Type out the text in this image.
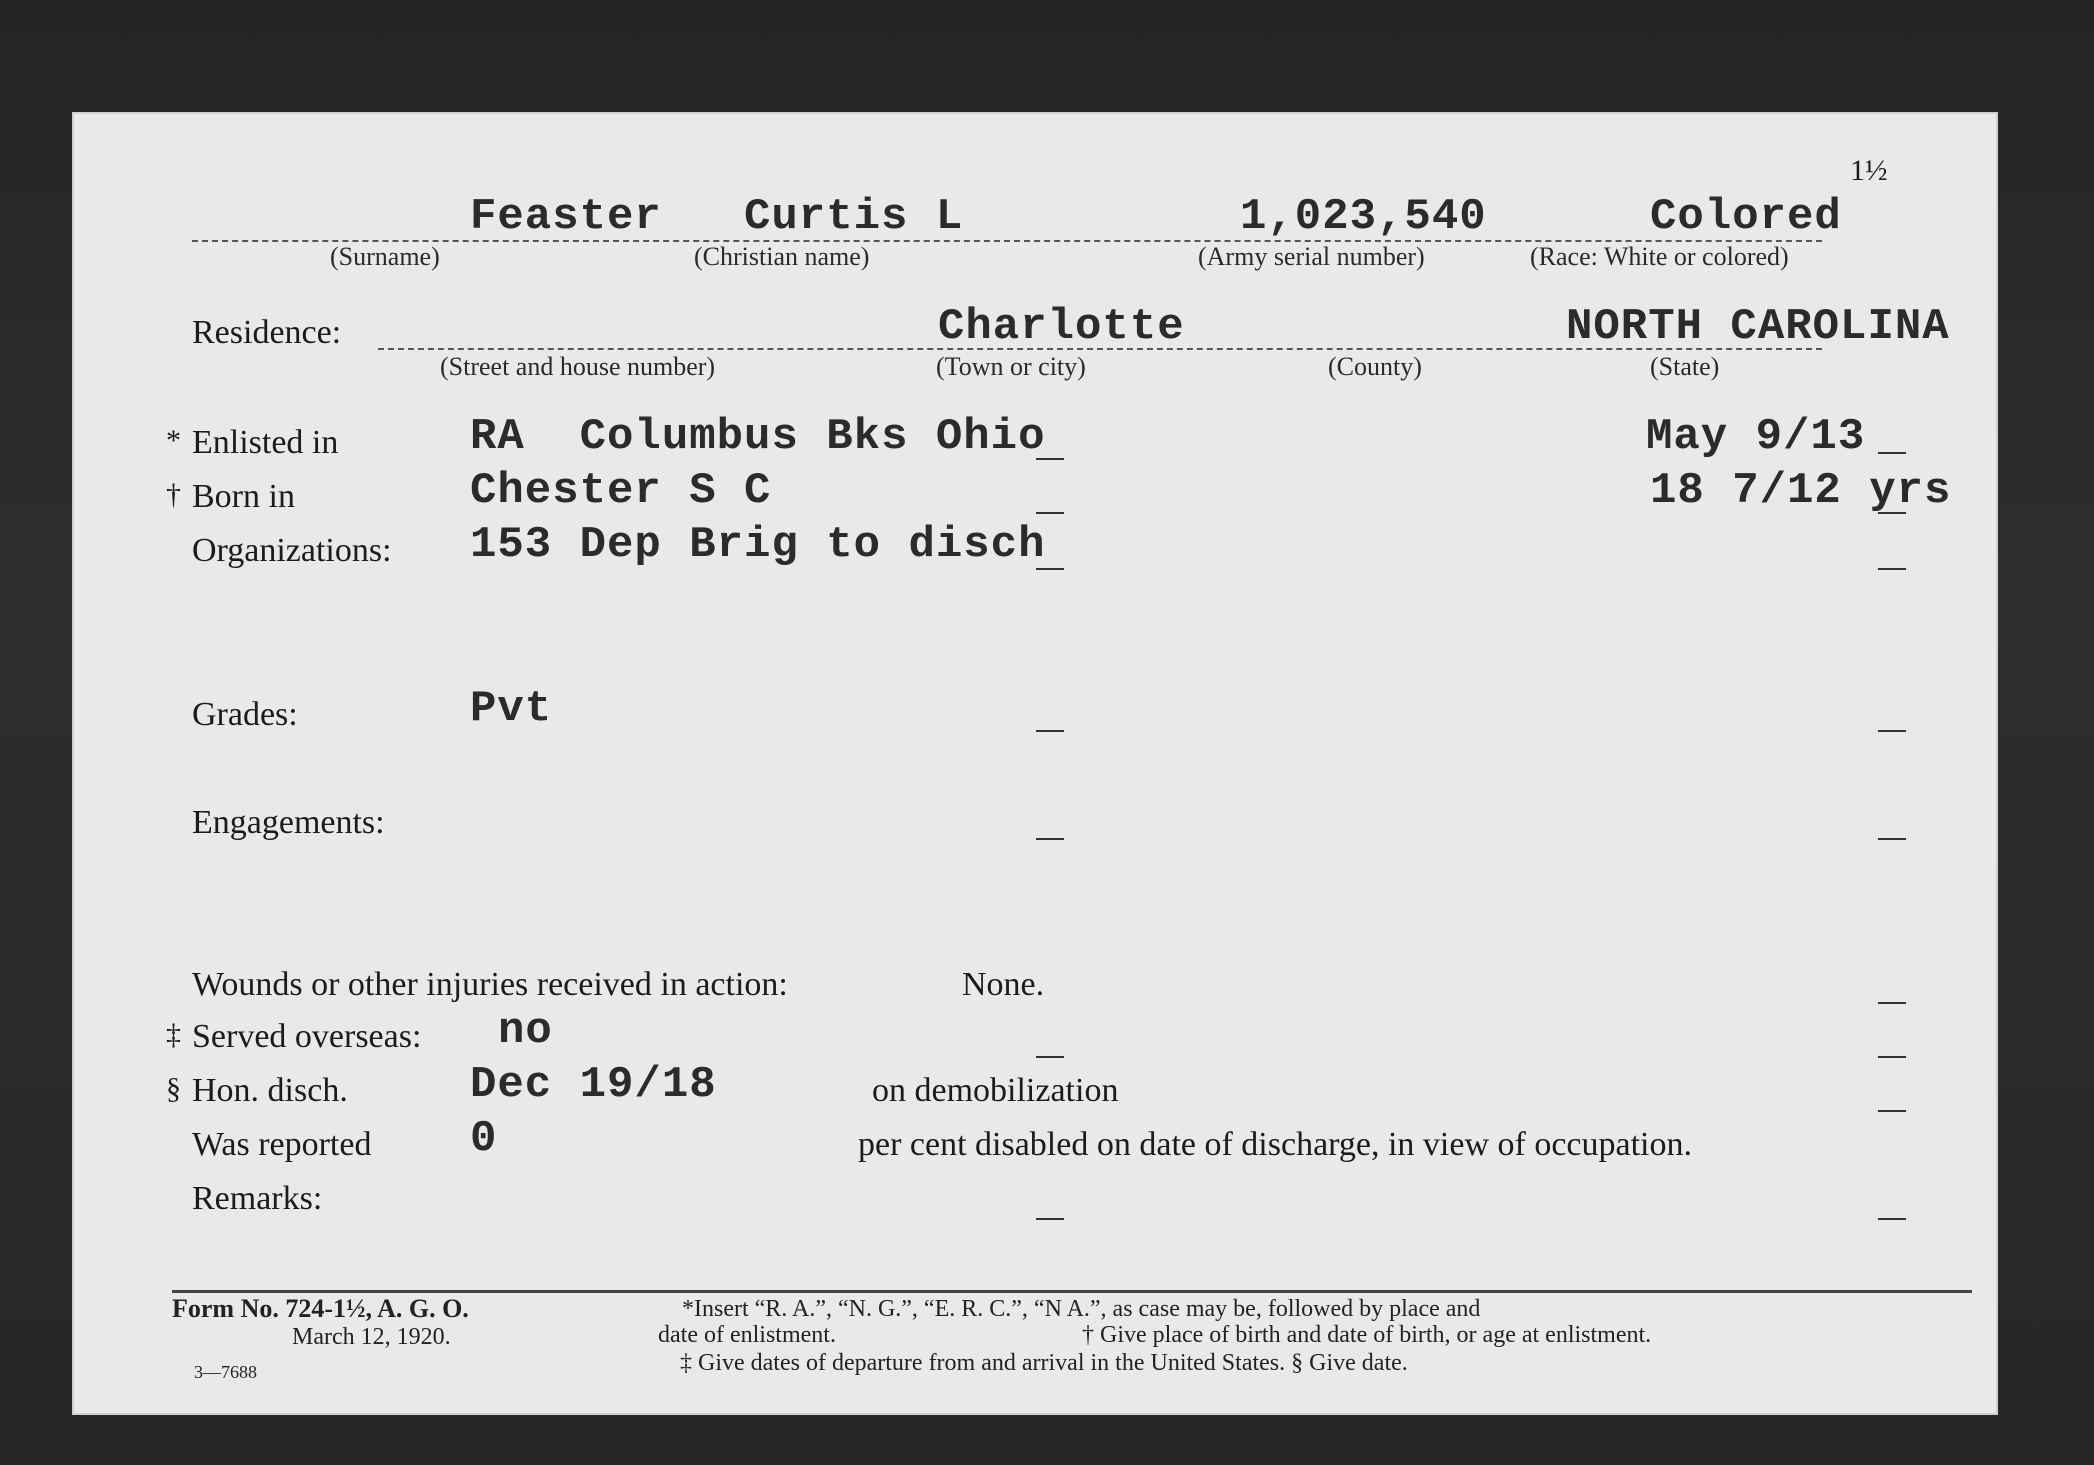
1½
Feaster Curtis L	1,023,540	Colored
(Surname)	(Christian name)	(Army serial number)	(Race: White or colored)
Residence:	Charlotte	NORTH CAROLINA
(Street and house number)	(Town or city)	(County)	(State)
* Enlisted in	RA  Columbus Bks Ohio	May 9/13
† Born in	Chester S C	18 7/12 yrs
Organizations: 153 Dep Brig to disch
Grades:	Pvt
Engagements:
Wounds or other injuries received in action:	None.
‡ Served overseas: no
§ Hon. disch.	Dec 19/18	on demobilization
Was reported 0	per cent disabled on date of discharge, in view of occupation.
Remarks:
Form No. 724-1½, A. G. O.
March 12, 1920.
3—7688
*Insert “R. A.”, “N. G.”, “E. R. C.”, “N A.”, as case may be, followed by place and
date of enlistment.	† Give place of birth and date of birth, or age at enlistment.
‡ Give dates of departure from and arrival in the United States. § Give date.
